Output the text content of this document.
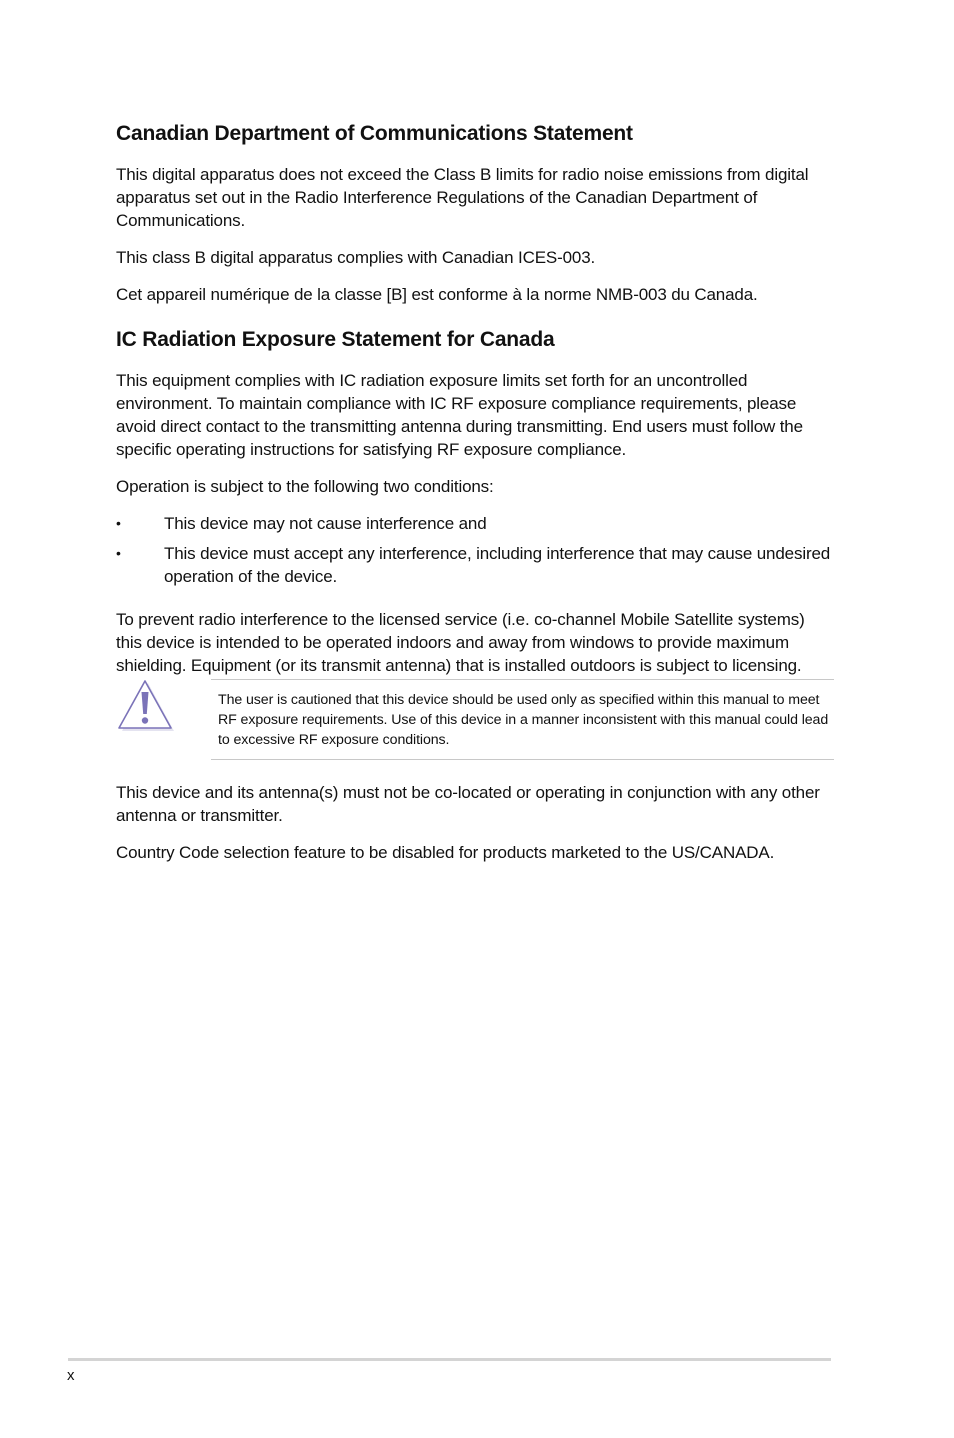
Canadian Department of Communications Statement

This digital apparatus does not exceed the Class B limits for radio noise emissions from digital apparatus set out in the Radio Interference Regulations of the Canadian Department of Communications.

This class B digital apparatus complies with Canadian ICES-003.

Cet appareil numérique de la classe [B] est conforme à la norme NMB-003 du Canada.

IC Radiation Exposure Statement for Canada

This equipment complies with IC radiation exposure limits set forth for an uncontrolled environment. To maintain compliance with IC RF exposure compliance requirements, please avoid direct contact to the transmitting antenna during transmitting. End users must follow the specific operating instructions for satisfying RF exposure compliance.

Operation is subject to the following two conditions:

•	This device may not cause interference and
•	This device must accept any interference, including interference that may cause undesired operation of the device.

To prevent radio interference to the licensed service (i.e. co-channel Mobile Satellite systems) this device is intended to be operated indoors and away from windows to provide maximum shielding. Equipment (or its transmit antenna) that is installed outdoors is subject to licensing.

The user is cautioned that this device should be used only as specified within this manual to meet RF exposure requirements. Use of this device in a manner inconsistent with this manual could lead to excessive RF exposure conditions.

This device and its antenna(s) must not be co-located or operating in conjunction with any other antenna or transmitter.

Country Code selection feature to be disabled for products marketed to the US/CANADA.

x
